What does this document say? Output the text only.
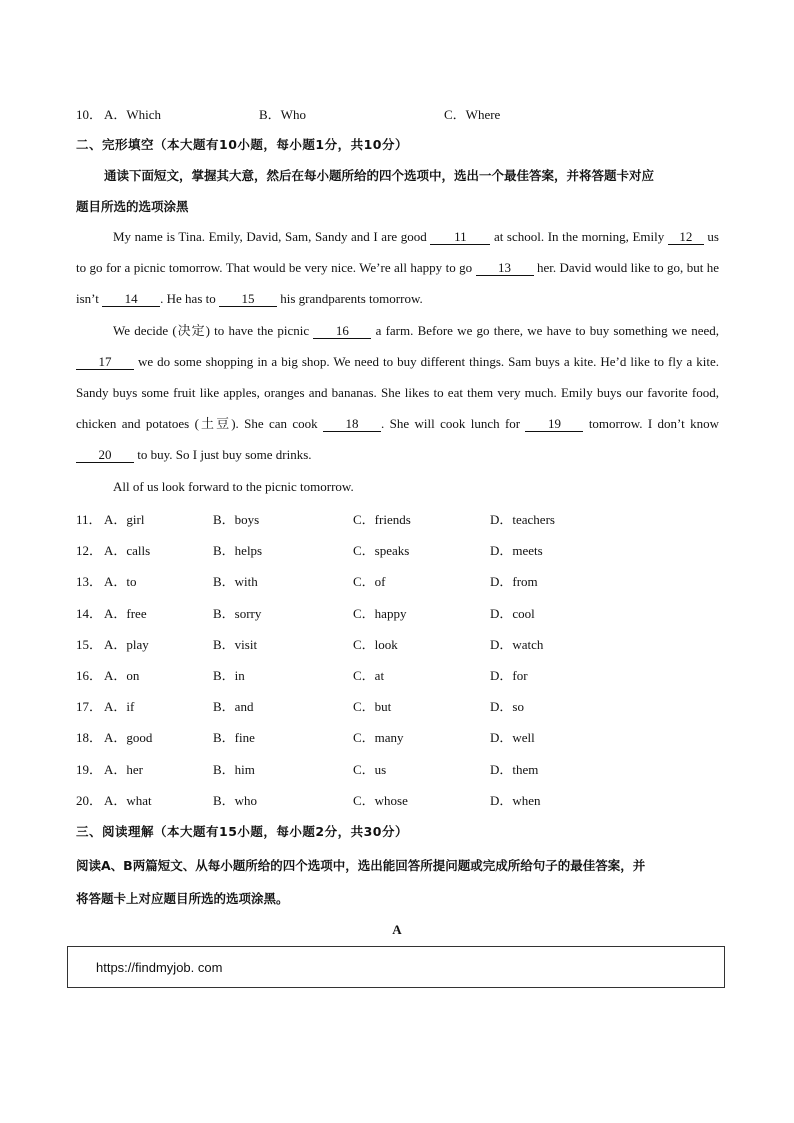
10． A．Which	B．Who	C．Where
二、完形填空（本大题有10小题，每小题1分，共10分）
通读下面短文，掌握其大意，然后在每小题所给的四个选项中，选出一个最佳答案，并将答题卡对应
题目所选的选项涂黑

My name is Tina. Emily, David, Sam, Sandy and I are good 11 at school. In the morning, Emily 12 us to go for a picnic tomorrow. That would be very nice. We’re all happy to go 13 her. David would like to go, but he isn’t 14 . He has to 15 his grandparents tomorrow.

We decide (决定) to have the picnic 16 a farm. Before we go there, we have to buy something we need, 17 we do some shopping in a big shop. We need to buy different things. Sam buys a kite. He’d like to fly a kite. Sandy buys some fruit like apples, oranges and bananas. She likes to eat them very much. Emily buys our favorite food, chicken and potatoes (土豆). She can cook 18 . She will cook lunch for 19 tomorrow. I don’t know 20 to buy. So I just buy some drinks.

All of us look forward to the picnic tomorrow.

11． A．girl	B．boys	C．friends	D．teachers
12． A．calls	B．helps	C．speaks	D．meets
13． A．to	B．with	C．of	D．from
14． A．free	B．sorry	C．happy	D．cool
15． A．play	B．visit	C．look	D．watch
16． A．on	B．in	C．at	D．for
17． A．if	B．and	C．but	D．so
18． A．good	B．fine	C．many	D．well
19． A．her	B．him	C．us	D．them
20． A．what	B．who	C．whose	D．when
三、阅读理解（本大题有15小题，每小题2分，共30分）
阅读A、B两篇短文、从每小题所给的四个选项中，选出能回答所提问题或完成所给句子的最佳答案，并
将答题卡上对应题目所选的选项涂黑。
A
https://findmyjob. com
